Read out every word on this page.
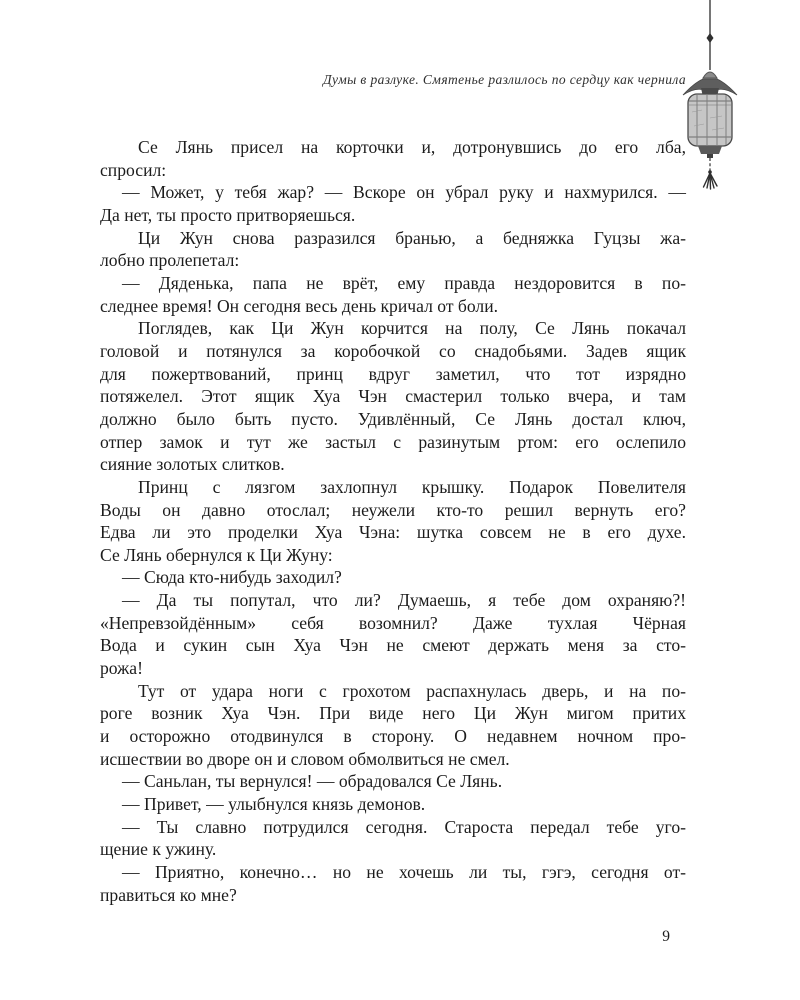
Думы в разлуке. Смятенье разлилось по сердцу как чернила
Се Лянь присел на корточки и, дотронувшись до его лба,
спросил:
— Может, у тебя жар? — Вскоре он убрал руку и нахмурился. —
Да нет, ты просто притворяешься.
Ци Жун снова разразился бранью, а бедняжка Гуцзы жа-
лобно пролепетал:
— Дяденька, папа не врёт, ему правда нездоровится в по-
следнее время! Он сегодня весь день кричал от боли.
Поглядев, как Ци Жун корчится на полу, Се Лянь покачал
головой и потянулся за коробочкой со снадобьями. Задев ящик
для пожертвований, принц вдруг заметил, что тот изрядно
потяжелел. Этот ящик Хуа Чэн смастерил только вчера, и там
должно было быть пусто. Удивлённый, Се Лянь достал ключ,
отпер замок и тут же застыл с разинутым ртом: его ослепило
сияние золотых слитков.
Принц с лязгом захлопнул крышку. Подарок Повелителя
Воды он давно отослал; неужели кто-то решил вернуть его?
Едва ли это проделки Хуа Чэна: шутка совсем не в его духе.
Се Лянь обернулся к Ци Жуну:
— Сюда кто-нибудь заходил?
— Да ты попутал, что ли? Думаешь, я тебе дом охраняю?!
«Непревзойдённым» себя возомнил? Даже тухлая Чёрная
Вода и сукин сын Хуа Чэн не смеют держать меня за сто-
рожа!
Тут от удара ноги с грохотом распахнулась дверь, и на по-
роге возник Хуа Чэн. При виде него Ци Жун мигом притих
и осторожно отодвинулся в сторону. О недавнем ночном про-
исшествии во дворе он и словом обмолвиться не смел.
— Саньлан, ты вернулся! — обрадовался Се Лянь.
— Привет, — улыбнулся князь демонов.
— Ты славно потрудился сегодня. Староста передал тебе уго-
щение к ужину.
— Приятно, конечно… но не хочешь ли ты, гэгэ, сегодня от-
правиться ко мне?
9
